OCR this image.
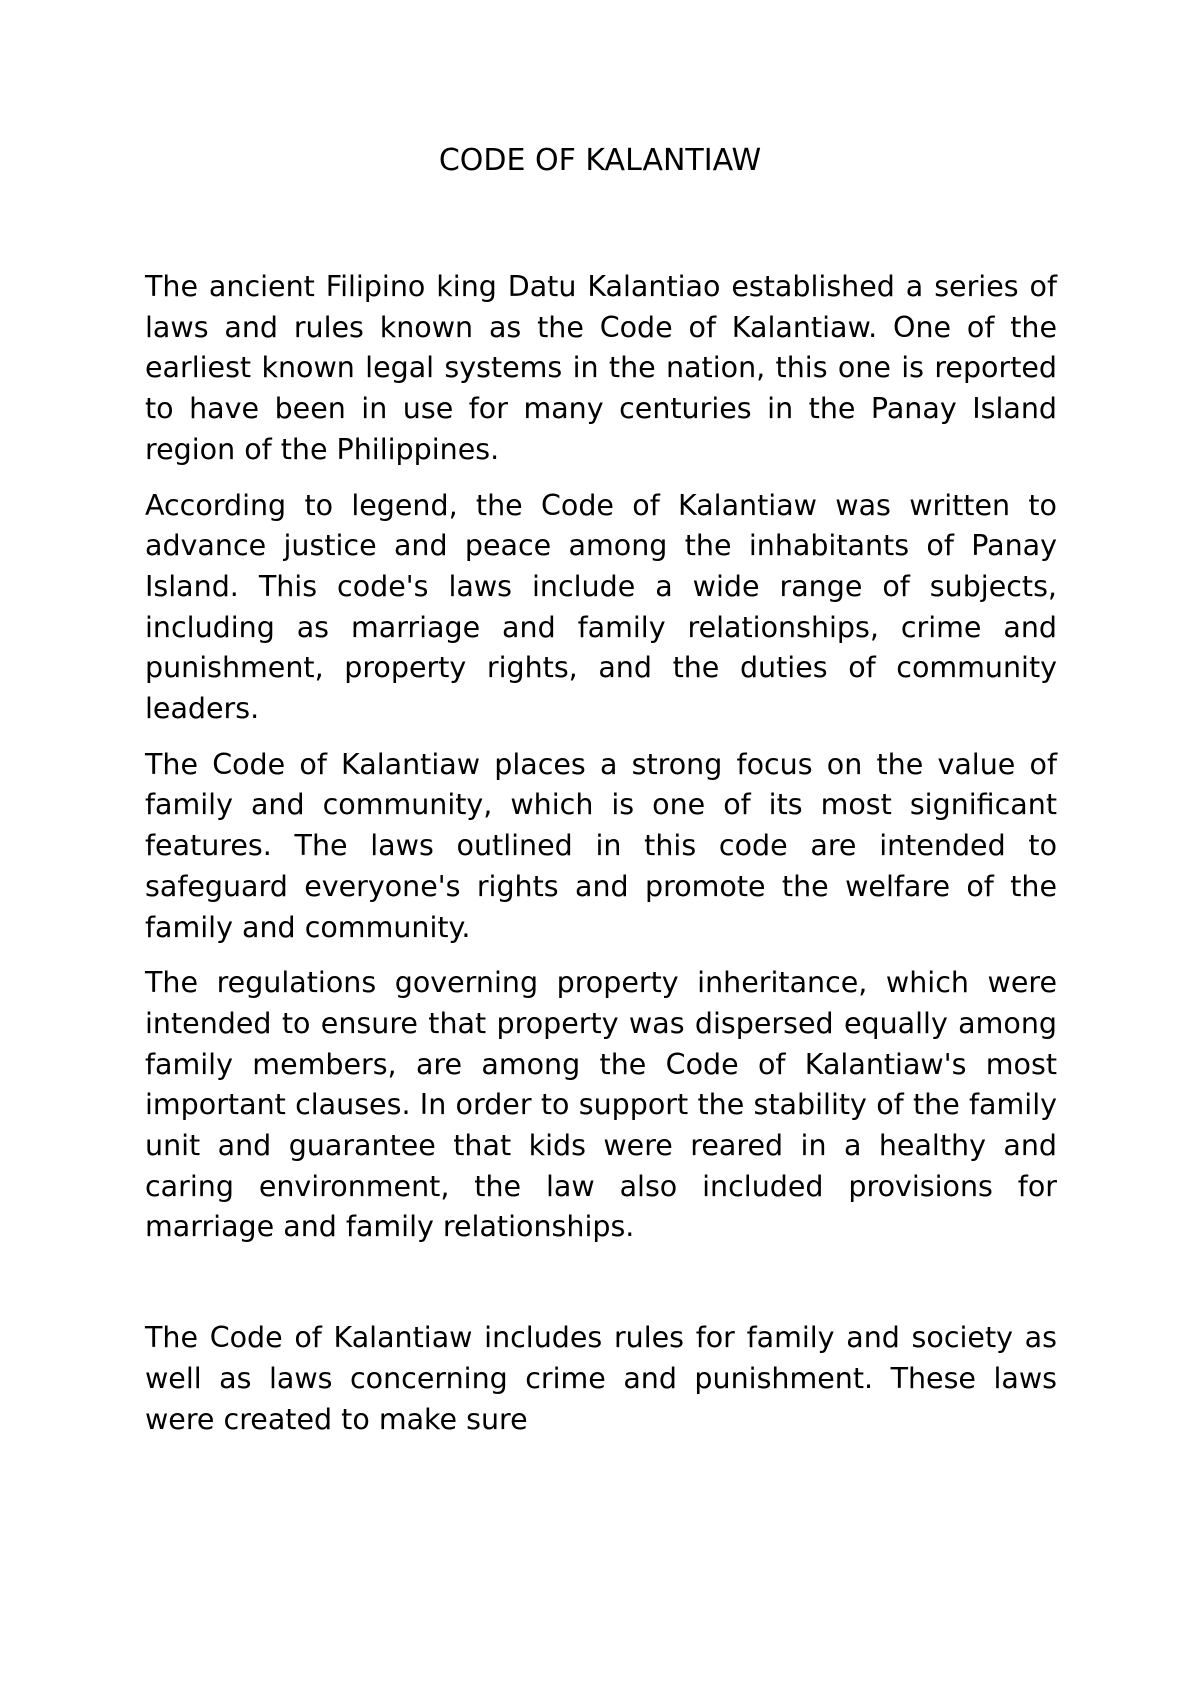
CODE OF KALANTIAW

The ancient Filipino king Datu Kalantiao established a series of laws and rules known as the Code of Kalantiaw. One of the earliest known legal systems in the nation, this one is reported to have been in use for many centuries in the Panay Island region of the Philippines.

According to legend, the Code of Kalantiaw was written to advance justice and peace among the inhabitants of Panay Island. This code's laws include a wide range of subjects, including as marriage and family relationships, crime and punishment, property rights, and the duties of community leaders.

The Code of Kalantiaw places a strong focus on the value of family and community, which is one of its most significant features. The laws outlined in this code are intended to safeguard everyone's rights and promote the welfare of the family and community.

The regulations governing property inheritance, which were intended to ensure that property was dispersed equally among family members, are among the Code of Kalantiaw's most important clauses. In order to support the stability of the family unit and guarantee that kids were reared in a healthy and caring environment, the law also included provisions for marriage and family relationships.

The Code of Kalantiaw includes rules for family and society as well as laws concerning crime and punishment. These laws were created to make sure
